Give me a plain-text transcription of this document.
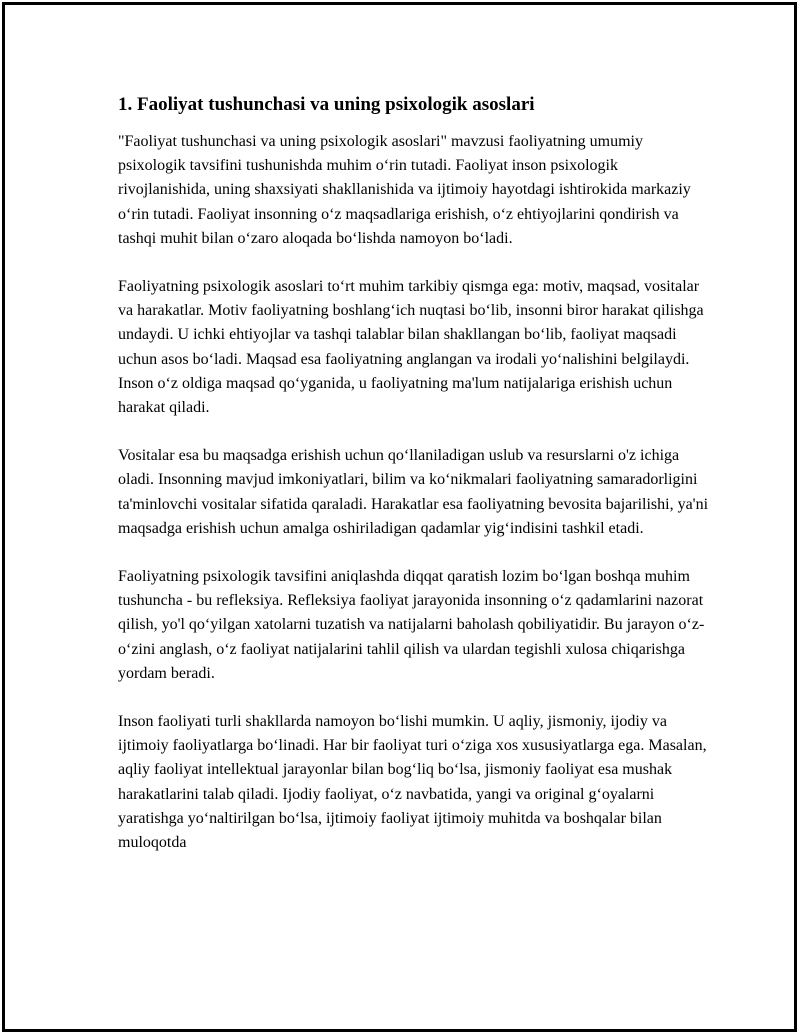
1. Faoliyat tushunchasi va uning psixologik asoslari

"Faoliyat tushunchasi va uning psixologik asoslari" mavzusi faoliyatning umumiy psixologik tavsifini tushunishda muhim o‘rin tutadi. Faoliyat inson psixologik rivojlanishida, uning shaxsiyati shakllanishida va ijtimoiy hayotdagi ishtirokida markaziy o‘rin tutadi. Faoliyat insonning o‘z maqsadlariga erishish, o‘z ehtiyojlarini qondirish va tashqi muhit bilan o‘zaro aloqada bo‘lishda namoyon bo‘ladi.

Faoliyatning psixologik asoslari to‘rt muhim tarkibiy qismga ega: motiv, maqsad, vositalar va harakatlar. Motiv faoliyatning boshlang‘ich nuqtasi bo‘lib, insonni biror harakat qilishga undaydi. U ichki ehtiyojlar va tashqi talablar bilan shakllangan bo‘lib, faoliyat maqsadi uchun asos bo‘ladi. Maqsad esa faoliyatning anglangan va irodali yo‘nalishini belgilaydi. Inson o‘z oldiga maqsad qo‘yganida, u faoliyatning ma'lum natijalariga erishish uchun harakat qiladi.

Vositalar esa bu maqsadga erishish uchun qo‘llaniladigan uslub va resurslarni o'z ichiga oladi. Insonning mavjud imkoniyatlari, bilim va ko‘nikmalari faoliyatning samaradorligini ta'minlovchi vositalar sifatida qaraladi. Harakatlar esa faoliyatning bevosita bajarilishi, ya'ni maqsadga erishish uchun amalga oshiriladigan qadamlar yig‘indisini tashkil etadi.

Faoliyatning psixologik tavsifini aniqlashda diqqat qaratish lozim bo‘lgan boshqa muhim tushuncha - bu refleksiya. Refleksiya faoliyat jarayonida insonning o‘z qadamlarini nazorat qilish, yo'l qo‘yilgan xatolarni tuzatish va natijalarni baholash qobiliyatidir. Bu jarayon o‘z-o‘zini anglash, o‘z faoliyat natijalarini tahlil qilish va ulardan tegishli xulosa chiqarishga yordam beradi.

Inson faoliyati turli shakllarda namoyon bo‘lishi mumkin. U aqliy, jismoniy, ijodiy va ijtimoiy faoliyatlarga bo‘linadi. Har bir faoliyat turi o‘ziga xos xususiyatlarga ega. Masalan, aqliy faoliyat intellektual jarayonlar bilan bog‘liq bo‘lsa, jismoniy faoliyat esa mushak harakatlarini talab qiladi. Ijodiy faoliyat, o‘z navbatida, yangi va original g‘oyalarni yaratishga yo‘naltirilgan bo‘lsa, ijtimoiy faoliyat ijtimoiy muhitda va boshqalar bilan muloqotda
